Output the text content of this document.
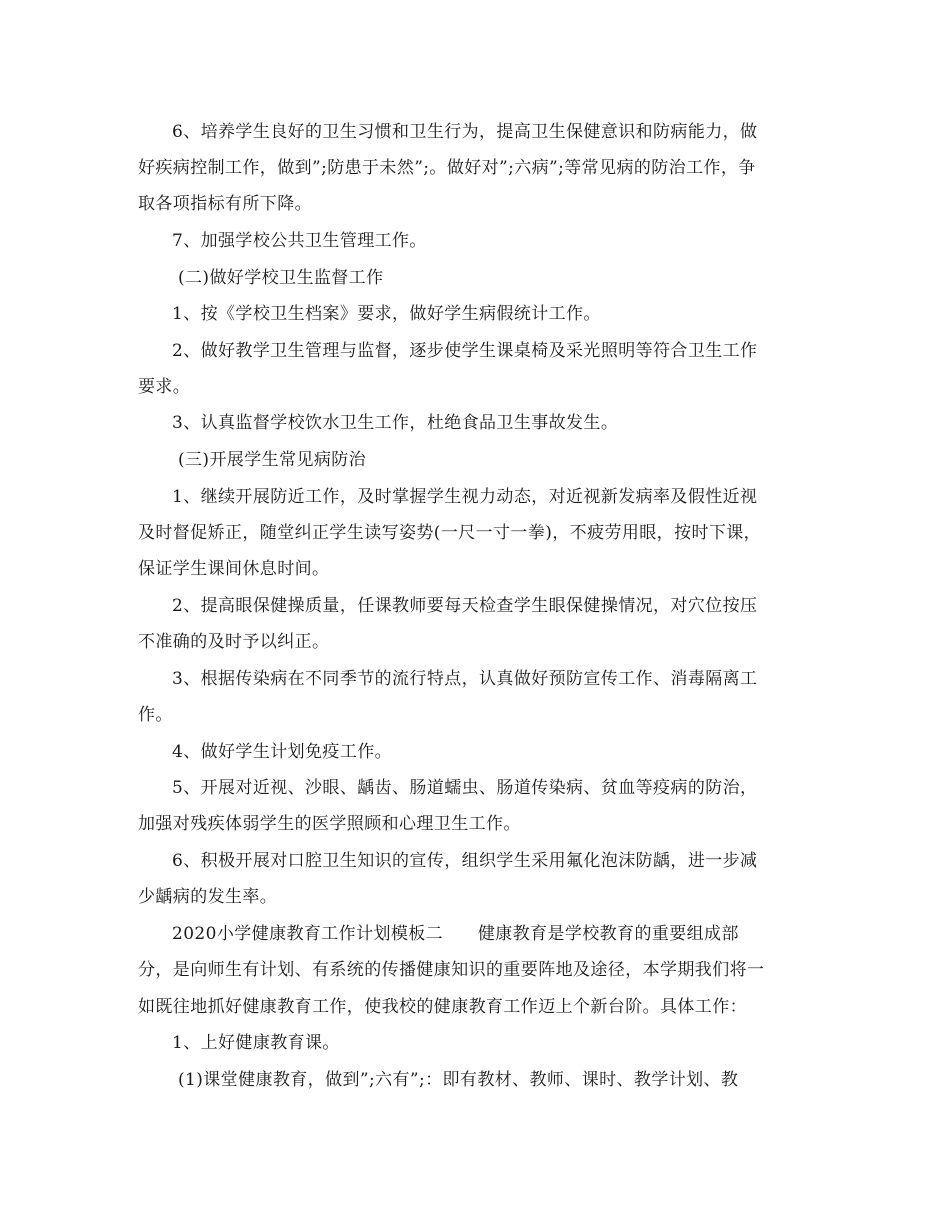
6、培养学生良好的卫生习惯和卫生行为，提高卫生保健意识和防病能力，做
好疾病控制工作，做到”;防患于未然”;。做好对”;六病”;等常见病的防治工作，争
取各项指标有所下降。
7、加强学校公共卫生管理工作。
(二)做好学校卫生监督工作
1、按《学校卫生档案》要求，做好学生病假统计工作。
2、做好教学卫生管理与监督，逐步使学生课桌椅及采光照明等符合卫生工作
要求。
3、认真监督学校饮水卫生工作，杜绝食品卫生事故发生。
(三)开展学生常见病防治
1、继续开展防近工作，及时掌握学生视力动态，对近视新发病率及假性近视
及时督促矫正，随堂纠正学生读写姿势(一尺一寸一拳)，不疲劳用眼，按时下课，
保证学生课间休息时间。
2、提高眼保健操质量，任课教师要每天检查学生眼保健操情况，对穴位按压
不准确的及时予以纠正。
3、根据传染病在不同季节的流行特点，认真做好预防宣传工作、消毒隔离工
作。
4、做好学生计划免疫工作。
5、开展对近视、沙眼、龋齿、肠道蠕虫、肠道传染病、贫血等疫病的防治，
加强对残疾体弱学生的医学照顾和心理卫生工作。
6、积极开展对口腔卫生知识的宣传，组织学生采用氟化泡沫防龋，进一步减
少龋病的发生率。
2020小学健康教育工作计划模板二　　健康教育是学校教育的重要组成部
分，是向师生有计划、有系统的传播健康知识的重要阵地及途径，本学期我们将一
如既往地抓好健康教育工作，使我校的健康教育工作迈上个新台阶。具体工作：
1、上好健康教育课。
(1)课堂健康教育，做到”;六有”;：即有教材、教师、课时、教学计划、教
